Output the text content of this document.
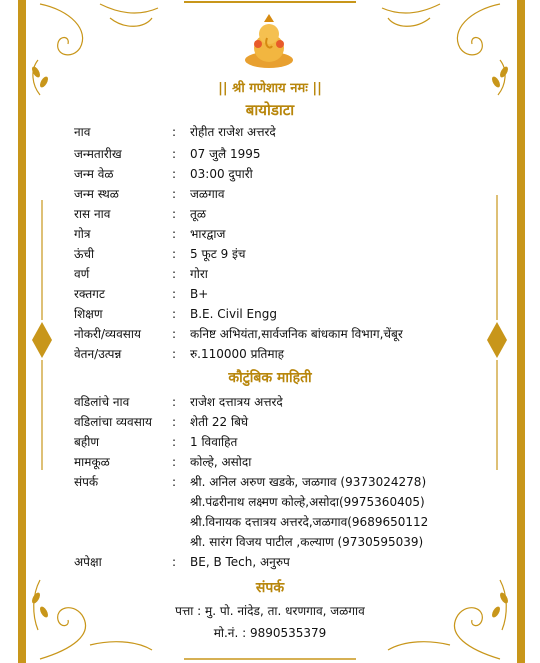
|| श्री गणेशाय नमः ||
बायोडाटा
नाव	: रोहीत राजेश अत्तरदे
जन्मतारीख	: 07 जुलै 1995
जन्म वेळ	: 03:00 दुपारी
जन्म स्थळ	: जळगाव
रास नाव	: तूळ
गोत्र	: भारद्वाज
ऊंची	: 5 फूट 9 इंच
वर्ण	: गोरा
रक्तगट	: B+
शिक्षण	: B.E. Civil Engg
नोकरी/व्यवसाय	: कनिष्ट अभियंता,सार्वजनिक बांधकाम विभाग,चेंबूर
वेतन/उत्पन्न	: रु.110000 प्रतिमाह
कौटुंबिक माहिती
वडिलांचे नाव	: राजेश दत्तात्रय अत्तरदे
वडिलांचा व्यवसाय : शेती 22 बिघे
बहीण	: 1 विवाहित
मामकूळ	: कोल्हे, असोदा
संपर्क	: श्री. अनिल अरुण खडके, जळगाव (9373024278)
श्री.पंढरीनाथ लक्ष्मण कोल्हे,असोदा(9975360405)
श्री.विनायक दत्तात्रय अत्तरदे,जळगाव(9689650112
श्री. सारंग विजय पाटील ,कल्याण (9730595039)
अपेक्षा	: BE, B Tech, अनुरुप
संपर्क
पत्ता : मु. पो. नांदेड, ता. धरणगाव, जळगाव
मो.नं. : 9890535379
